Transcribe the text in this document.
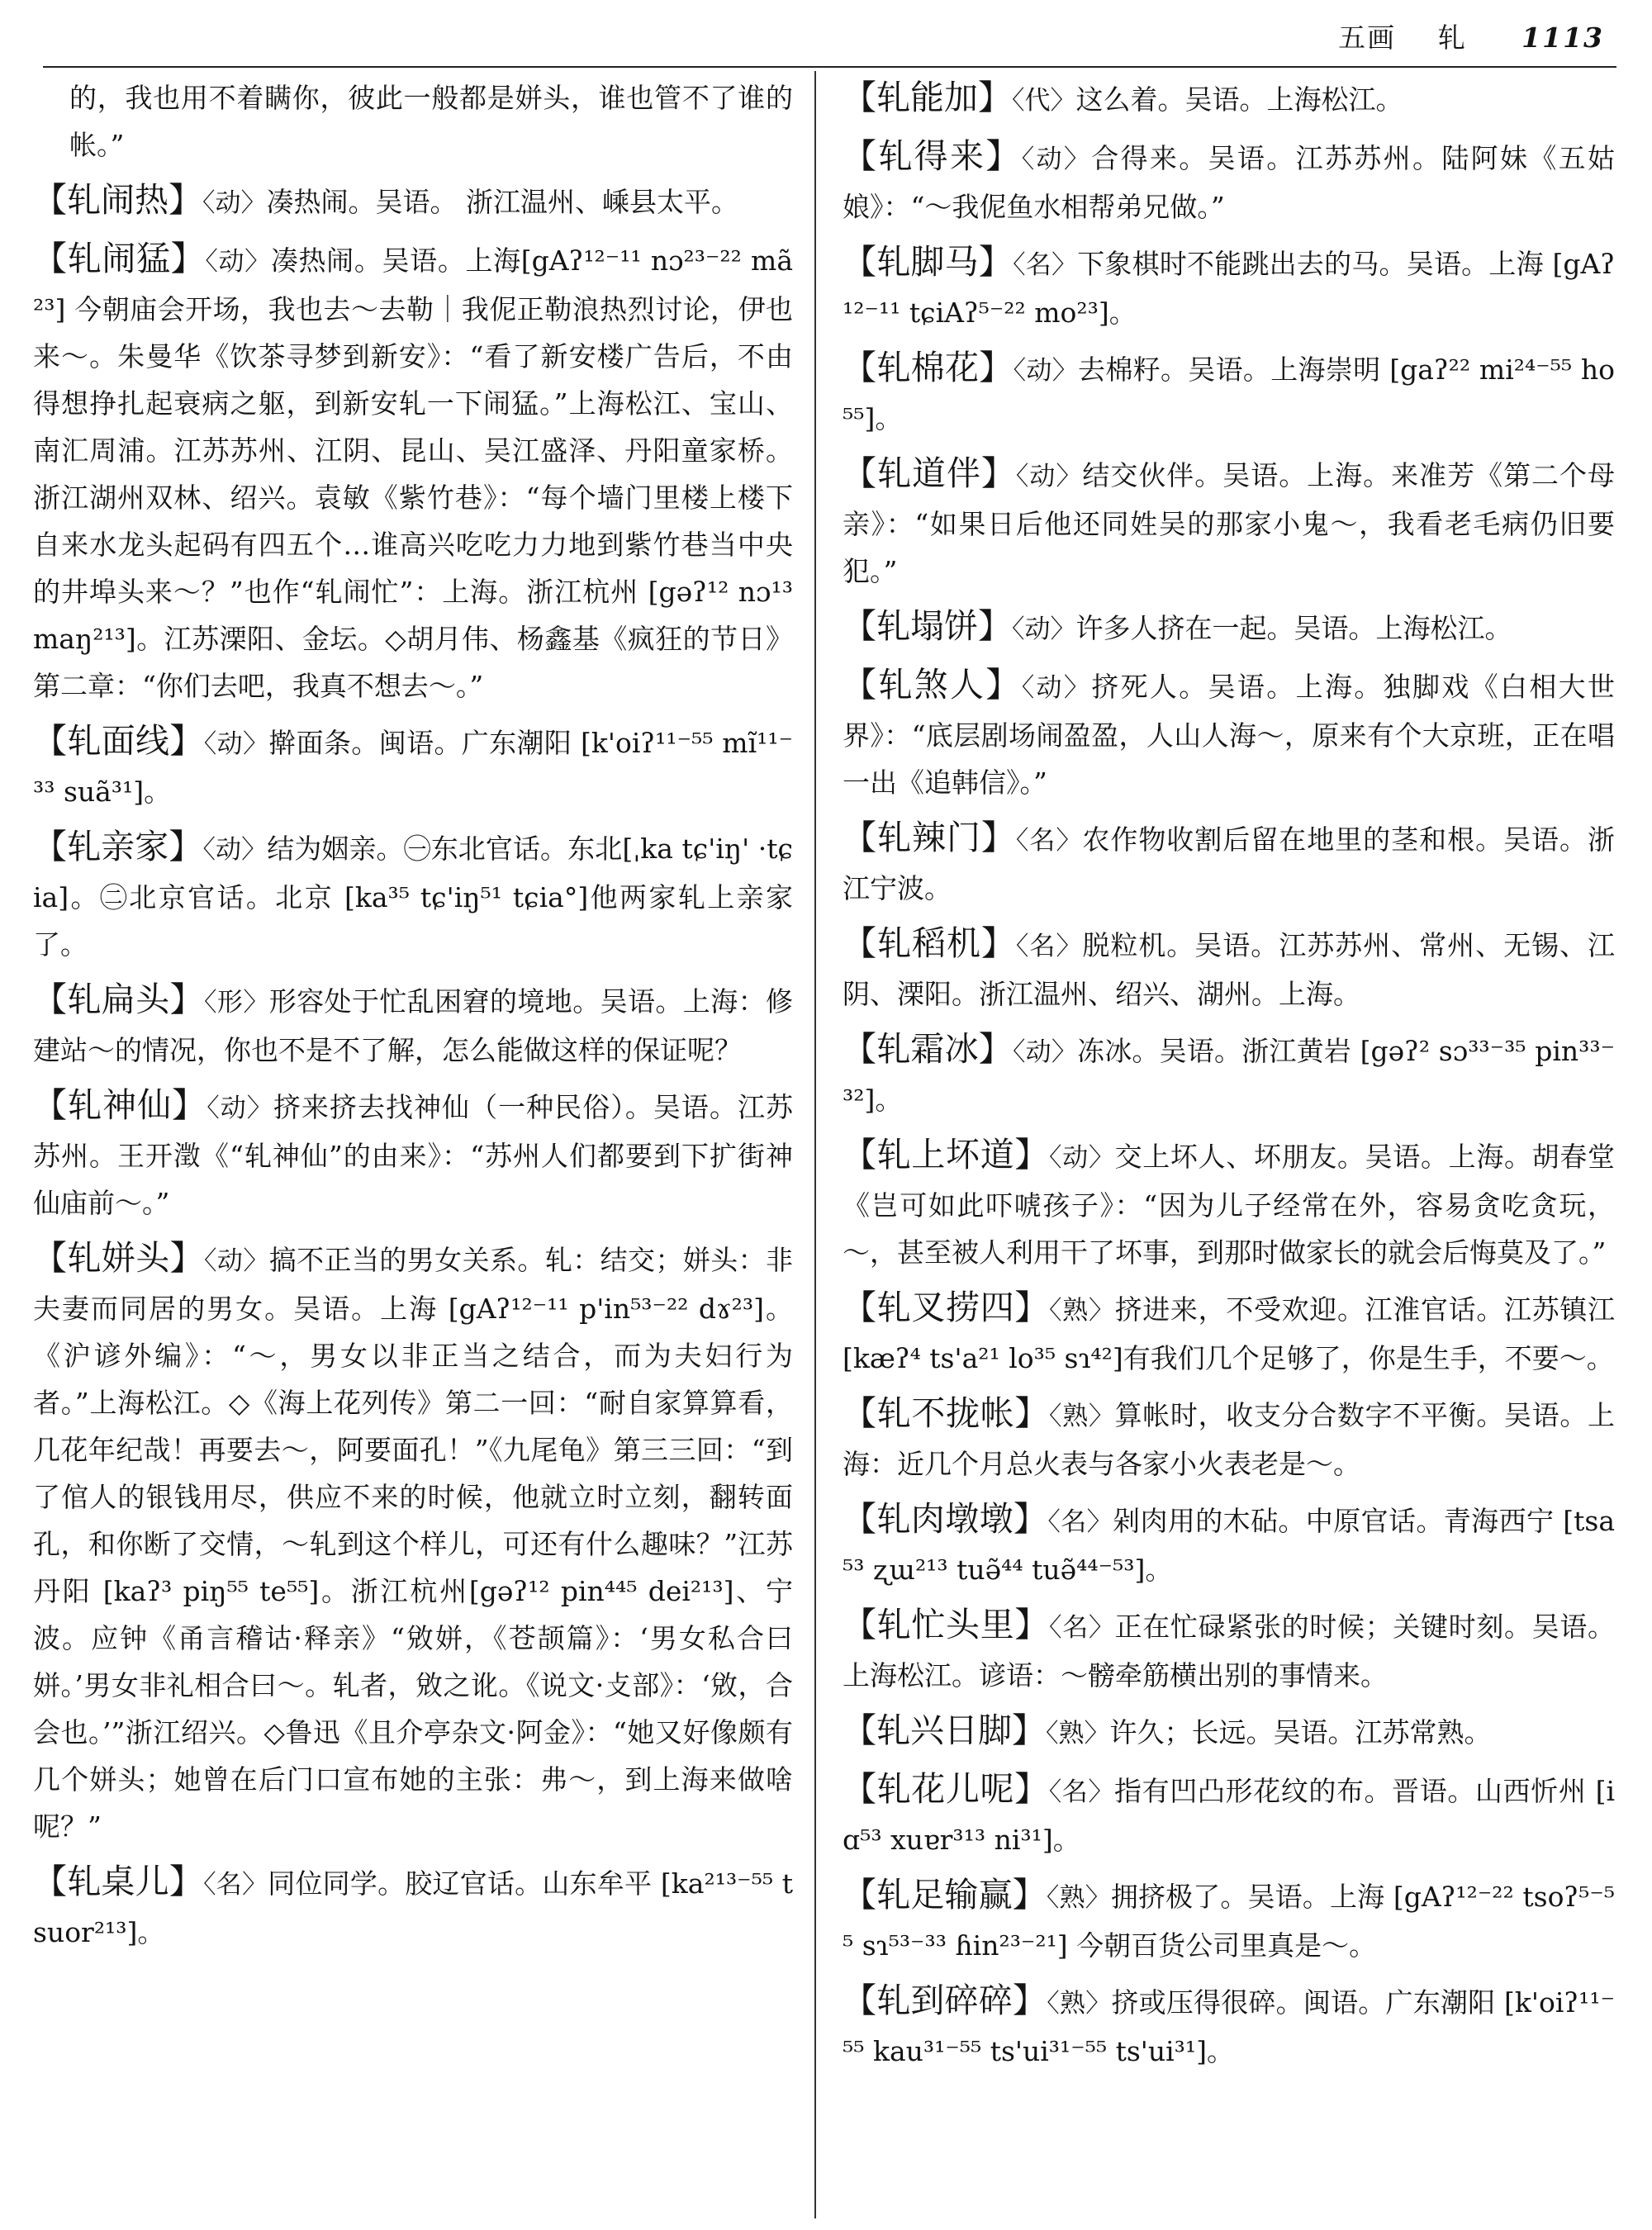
五画 轧 1113
的，我也用不着瞒你，彼此一般都是姘头，谁也管不了谁的帐。”
【轧闹热】〈动〉凑热闹。吴语。 浙江温州、嵊县太平。
【轧闹猛】〈动〉凑热闹。吴语。上海[gAʔ¹²⁻¹¹ nɔ²³⁻²² mã²³] 今朝庙会开场，我也去～去勒｜我伲正勒浪热烈讨论，伊也来～。朱曼华《饮茶寻梦到新安》：“看了新安楼广告后，不由得想挣扎起衰病之躯，到新安轧一下闹猛。”上海松江、宝山、南汇周浦。江苏苏州、江阴、昆山、吴江盛泽、丹阳童家桥。浙江湖州双林、绍兴。袁敏《紫竹巷》：“每个墙门里楼上楼下自来水龙头起码有四五个…谁高兴吃吃力力地到紫竹巷当中央的井埠头来～？”也作“轧闹忙”：上海。浙江杭州 [gəʔ¹² nɔ¹³ maŋ²¹³]。江苏溧阳、金坛。◇胡月伟、杨鑫基《疯狂的节日》第二章：“你们去吧，我真不想去～。”
【轧面线】〈动〉擀面条。闽语。广东潮阳 [k'oiʔ¹¹⁻⁵⁵ mĩ¹¹⁻³³ suã³¹]。
【轧亲家】〈动〉结为姻亲。㊀东北官话。东北[ˌka tɕ'iŋ' ·tɕia]。㊁北京官话。北京 [ka³⁵ tɕ'iŋ⁵¹ tɕia°]他两家轧上亲家了。
【轧扁头】〈形〉形容处于忙乱困窘的境地。吴语。上海：修建站～的情况，你也不是不了解，怎么能做这样的保证呢？
【轧神仙】〈动〉挤来挤去找神仙（一种民俗）。吴语。江苏苏州。王开澂《“轧神仙”的由来》：“苏州人们都要到下扩街神仙庙前～。”
【轧姘头】〈动〉搞不正当的男女关系。轧：结交；姘头：非夫妻而同居的男女。吴语。上海 [gAʔ¹²⁻¹¹ p'in⁵³⁻²² dɤ²³]。《沪谚外编》：“～，男女以非正当之结合，而为夫妇行为者。”上海松江。◇《海上花列传》第二一回：“耐自家算算看，几花年纪哉！再要去～，阿要面孔！”《九尾龟》第三三回：“到了倌人的银钱用尽，供应不来的时候，他就立时立刻，翻转面孔，和你断了交情，～轧到这个样儿，可还有什么趣味？”江苏丹阳 [kaʔ³ piŋ⁵⁵ te⁵⁵]。浙江杭州[gəʔ¹² pin⁴⁴⁵ dei²¹³]、宁波。应钟《甬言稽诂·释亲》“敓姘，《苍颉篇》：‘男女私合曰姘。’男女非礼相合曰～。轧者，敓之讹。《说文·攴部》：‘敓，合会也。’”浙江绍兴。◇鲁迅《且介亭杂文·阿金》：“她又好像颇有几个姘头；她曾在后门口宣布她的主张：弗～，到上海来做啥呢？”
【轧桌儿】〈名〉同位同学。胶辽官话。山东牟平 [ka²¹³⁻⁵⁵ tsuor²¹³]。
【轧能加】〈代〉这么着。吴语。上海松江。
【轧得来】〈动〉合得来。吴语。江苏苏州。陆阿妹《五姑娘》：“～我伲鱼水相帮弟兄做。”
【轧脚马】〈名〉下象棋时不能跳出去的马。吴语。上海 [gAʔ¹²⁻¹¹ tɕiAʔ⁵⁻²² mo²³]。
【轧棉花】〈动〉去棉籽。吴语。上海崇明 [gaʔ²² mi²⁴⁻⁵⁵ ho⁵⁵]。
【轧道伴】〈动〉结交伙伴。吴语。上海。来准芳《第二个母亲》：“如果日后他还同姓吴的那家小鬼～，我看老毛病仍旧要犯。”
【轧塌饼】〈动〉许多人挤在一起。吴语。上海松江。
【轧煞人】〈动〉挤死人。吴语。上海。独脚戏《白相大世界》：“底层剧场闹盈盈，人山人海～，原来有个大京班，正在唱一出《追韩信》。”
【轧辣门】〈名〉农作物收割后留在地里的茎和根。吴语。浙江宁波。
【轧稻机】〈名〉脱粒机。吴语。江苏苏州、常州、无锡、江阴、溧阳。浙江温州、绍兴、湖州。上海。
【轧霜冰】〈动〉冻冰。吴语。浙江黄岩 [gəʔ² sɔ³³⁻³⁵ pin³³⁻³²]。
【轧上坏道】〈动〉交上坏人、坏朋友。吴语。上海。胡春堂《岂可如此吓唬孩子》：“因为儿子经常在外，容易贪吃贪玩，～，甚至被人利用干了坏事，到那时做家长的就会后悔莫及了。”
【轧叉捞四】〈熟〉挤进来，不受欢迎。江淮官话。江苏镇江 [kæʔ⁴ ts'a²¹ lo³⁵ sɿ⁴²]有我们几个足够了，你是生手，不要～。
【轧不拢帐】〈熟〉算帐时，收支分合数字不平衡。吴语。上海：近几个月总火表与各家小火表老是～。
【轧肉墩墩】〈名〉剁肉用的木砧。中原官话。青海西宁 [tsa⁵³ ʐɯ²¹³ tuə̃⁴⁴ tuə̃⁴⁴⁻⁵³]。
【轧忙头里】〈名〉正在忙碌紧张的时候；关键时刻。吴语。上海松江。谚语：～髈牵筋横出别的事情来。
【轧兴日脚】〈熟〉许久；长远。吴语。江苏常熟。
【轧花儿呢】〈名〉指有凹凸形花纹的布。晋语。山西忻州 [iɑ⁵³ xuɐr³¹³ ni³¹]。
【轧足输赢】〈熟〉拥挤极了。吴语。上海 [gAʔ¹²⁻²² tsoʔ⁵⁻⁵⁵ sɿ⁵³⁻³³ ɦin²³⁻²¹] 今朝百货公司里真是～。
【轧到碎碎】〈熟〉挤或压得很碎。闽语。广东潮阳 [k'oiʔ¹¹⁻⁵⁵ kau³¹⁻⁵⁵ ts'ui³¹⁻⁵⁵ ts'ui³¹]。
